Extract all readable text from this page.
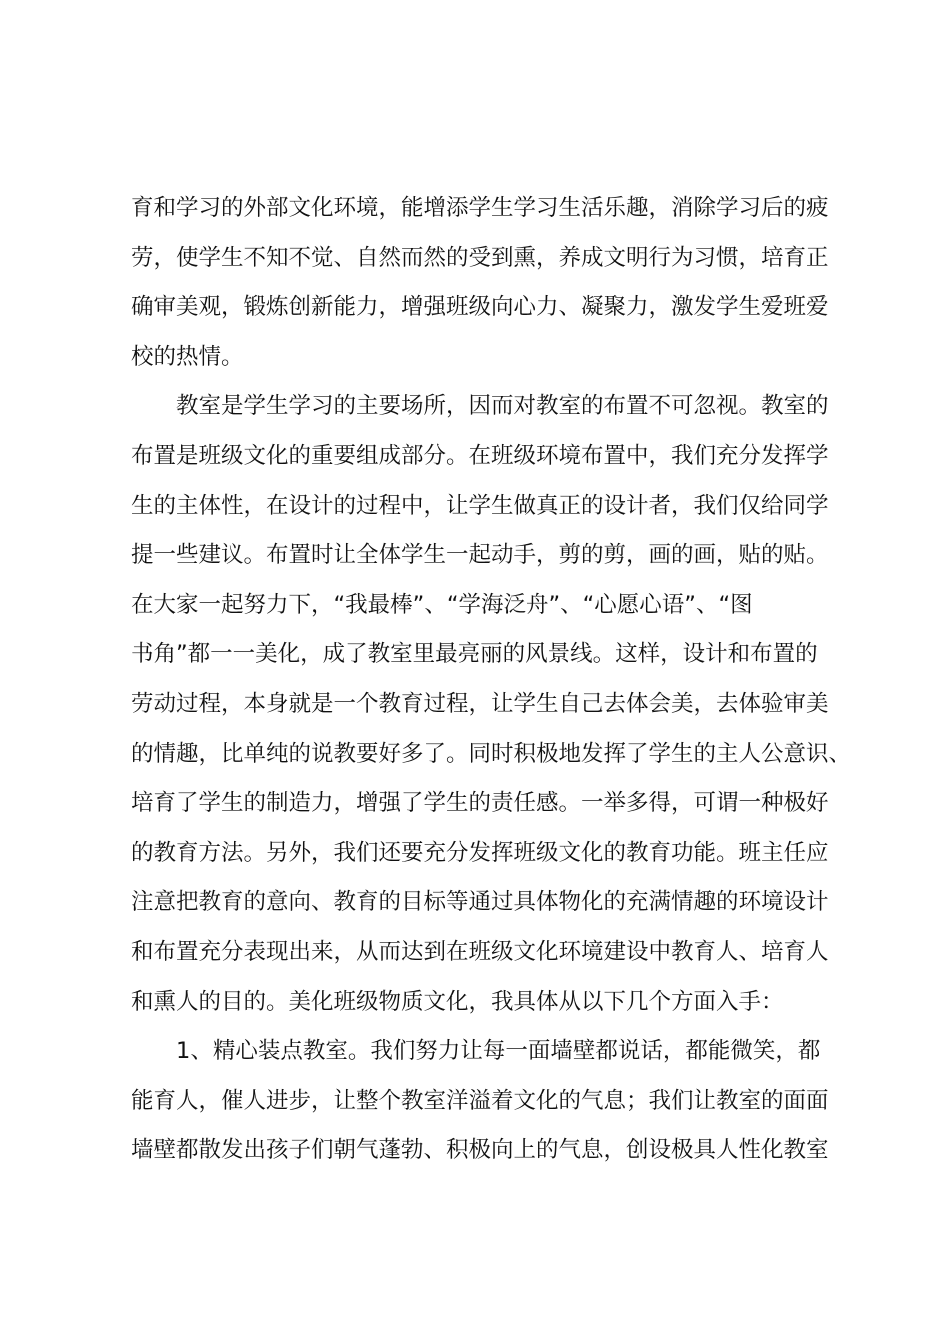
育和学习的外部文化环境，能增添学生学习生活乐趣，消除学习后的疲
劳，使学生不知不觉、自然而然的受到熏，养成文明行为习惯，培育正
确审美观，锻炼创新能力，增强班级向心力、凝聚力，激发学生爱班爱
校的热情。
　　教室是学生学习的主要场所，因而对教室的布置不可忽视。教室的
布置是班级文化的重要组成部分。在班级环境布置中，我们充分发挥学
生的主体性，在设计的过程中，让学生做真正的设计者，我们仅给同学
提一些建议。布置时让全体学生一起动手，剪的剪，画的画，贴的贴。
在大家一起努力下，“我最棒”、“学海泛舟”、“心愿心语”、“图
书角”都一一美化，成了教室里最亮丽的风景线。这样，设计和布置的
劳动过程，本身就是一个教育过程，让学生自己去体会美，去体验审美
的情趣，比单纯的说教要好多了。同时积极地发挥了学生的主人公意识、
培育了学生的制造力，增强了学生的责任感。一举多得，可谓一种极好
的教育方法。另外，我们还要充分发挥班级文化的教育功能。班主任应
注意把教育的意向、教育的目标等通过具体物化的充满情趣的环境设计
和布置充分表现出来，从而达到在班级文化环境建设中教育人、培育人
和熏人的目的。美化班级物质文化，我具体从以下几个方面入手：
　　1、精心装点教室。我们努力让每一面墙壁都说话，都能微笑，都
能育人，催人进步，让整个教室洋溢着文化的气息；我们让教室的面面
墙壁都散发出孩子们朝气蓬勃、积极向上的气息，创设极具人性化教室
